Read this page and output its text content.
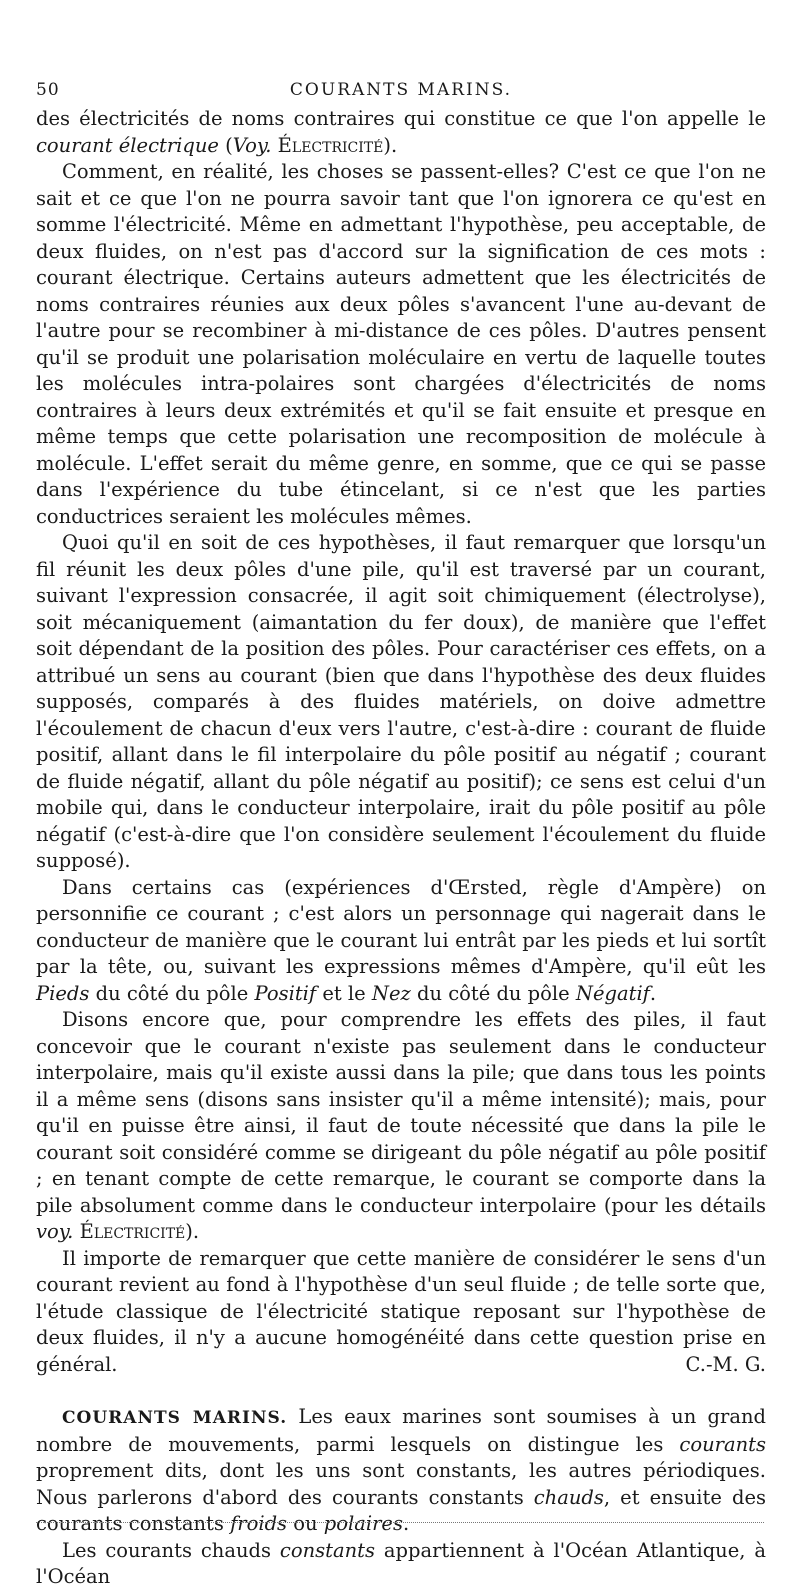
50	COURANTS MARINS.

des électricités de noms contraires qui constitue ce que l'on appelle le courant électrique (Voy. Électricité).

Comment, en réalité, les choses se passent-elles? C'est ce que l'on ne sait et ce que l'on ne pourra savoir tant que l'on ignorera ce qu'est en somme l'électricité. Même en admettant l'hypothèse, peu acceptable, de deux fluides, on n'est pas d'accord sur la signification de ces mots : courant électrique. Certains auteurs admettent que les électricités de noms contraires réunies aux deux pôles s'avancent l'une au-devant de l'autre pour se recombiner à mi-distance de ces pôles. D'autres pensent qu'il se produit une polarisation moléculaire en vertu de laquelle toutes les molécules intra-polaires sont chargées d'électricités de noms contraires à leurs deux extrémités et qu'il se fait ensuite et presque en même temps que cette polarisation une recomposition de molécule à molécule. L'effet serait du même genre, en somme, que ce qui se passe dans l'expérience du tube étincelant, si ce n'est que les parties conductrices seraient les molécules mêmes.

Quoi qu'il en soit de ces hypothèses, il faut remarquer que lorsqu'un fil réunit les deux pôles d'une pile, qu'il est traversé par un courant, suivant l'expression consacrée, il agit soit chimiquement (électrolyse), soit mécaniquement (aimantation du fer doux), de manière que l'effet soit dépendant de la position des pôles. Pour caractériser ces effets, on a attribué un sens au courant (bien que dans l'hypothèse des deux fluides supposés, comparés à des fluides matériels, on doive admettre l'écoulement de chacun d'eux vers l'autre, c'est-à-dire : courant de fluide positif, allant dans le fil interpolaire du pôle positif au négatif ; courant de fluide négatif, allant du pôle négatif au positif); ce sens est celui d'un mobile qui, dans le conducteur interpolaire, irait du pôle positif au pôle négatif (c'est-à-dire que l'on considère seulement l'écoulement du fluide supposé).

Dans certains cas (expériences d'Œrsted, règle d'Ampère) on personnifie ce courant ; c'est alors un personnage qui nagerait dans le conducteur de manière que le courant lui entrât par les pieds et lui sortît par la tête, ou, suivant les expressions mêmes d'Ampère, qu'il eût les Pieds du côté du pôle Positif et le Nez du côté du pôle Négatif.

Disons encore que, pour comprendre les effets des piles, il faut concevoir que le courant n'existe pas seulement dans le conducteur interpolaire, mais qu'il existe aussi dans la pile; que dans tous les points il a même sens (disons sans insister qu'il a même intensité); mais, pour qu'il en puisse être ainsi, il faut de toute nécessité que dans la pile le courant soit considéré comme se dirigeant du pôle négatif au pôle positif ; en tenant compte de cette remarque, le courant se comporte dans la pile absolument comme dans le conducteur interpolaire (pour les détails voy. Électricité).

Il importe de remarquer que cette manière de considérer le sens d'un courant revient au fond à l'hypothèse d'un seul fluide ; de telle sorte que, l'étude classique de l'électricité statique reposant sur l'hypothèse de deux fluides, il n'y a aucune homogénéité dans cette question prise en général.	C.-M. G.

COURANTS MARINS. Les eaux marines sont soumises à un grand nombre de mouvements, parmi lesquels on distingue les courants proprement dits, dont les uns sont constants, les autres périodiques. Nous parlerons d'abord des courants constants chauds, et ensuite des courants constants froids ou polaires.

Les courants chauds constants appartiennent à l'Océan Atlantique, à l'Océan
